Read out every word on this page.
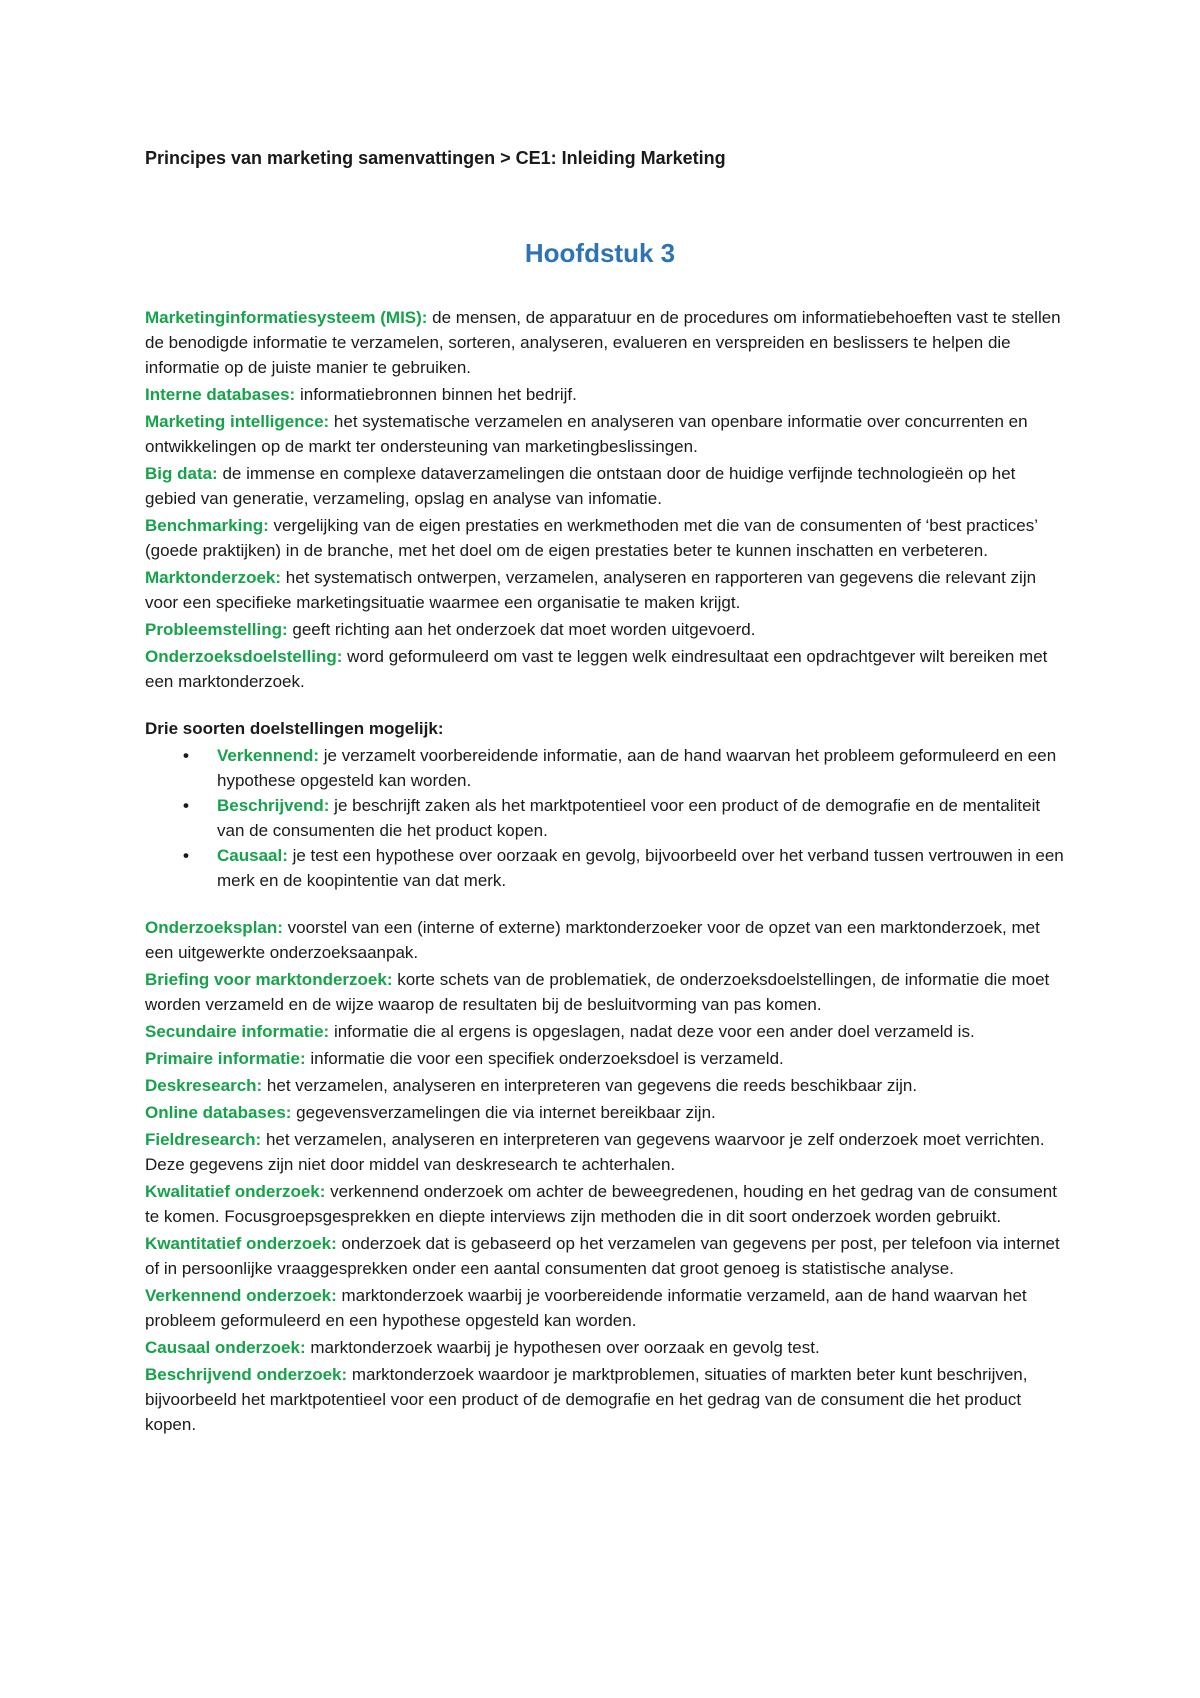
Principes van marketing samenvattingen > CE1: Inleiding Marketing
Hoofdstuk 3

Marketinginformatiesysteem (MIS): de mensen, de apparatuur en de procedures om informatiebehoeften vast te stellen de benodigde informatie te verzamelen, sorteren, analyseren, evalueren en verspreiden en beslissers te helpen die informatie op de juiste manier te gebruiken.

Interne databases: informatiebronnen binnen het bedrijf.

Marketing intelligence: het systematische verzamelen en analyseren van openbare informatie over concurrenten en ontwikkelingen op de markt ter ondersteuning van marketingbeslissingen.

Big data: de immense en complexe dataverzamelingen die ontstaan door de huidige verfijnde technologieën op het gebied van generatie, verzameling, opslag en analyse van infomatie.

Benchmarking: vergelijking van de eigen prestaties en werkmethoden met die van de consumenten of ‘best practices’ (goede praktijken) in de branche, met het doel om de eigen prestaties beter te kunnen inschatten en verbeteren.

Marktonderzoek: het systematisch ontwerpen, verzamelen, analyseren en rapporteren van gegevens die relevant zijn voor een specifieke marketingsituatie waarmee een organisatie te maken krijgt.

Probleemstelling: geeft richting aan het onderzoek dat moet worden uitgevoerd.

Onderzoeksdoelstelling: word geformuleerd om vast te leggen welk eindresultaat een opdrachtgever wilt bereiken met een marktonderzoek.

Drie soorten doelstellingen mogelijk:

• Verkennend: je verzamelt voorbereidende informatie, aan de hand waarvan het probleem geformuleerd en een hypothese opgesteld kan worden.
• Beschrijvend: je beschrijft zaken als het marktpotentieel voor een product of de demografie en de mentaliteit van de consumenten die het product kopen.
• Causaal: je test een hypothese over oorzaak en gevolg, bijvoorbeeld over het verband tussen vertrouwen in een merk en de koopintentie van dat merk.

Onderzoeksplan: voorstel van een (interne of externe) marktonderzoeker voor de opzet van een marktonderzoek, met een uitgewerkte onderzoeksaanpak.

Briefing voor marktonderzoek: korte schets van de problematiek, de onderzoeksdoelstellingen, de informatie die moet worden verzameld en de wijze waarop de resultaten bij de besluitvorming van pas komen.

Secundaire informatie: informatie die al ergens is opgeslagen, nadat deze voor een ander doel verzameld is.

Primaire informatie: informatie die voor een specifiek onderzoeksdoel is verzameld.

Deskresearch: het verzamelen, analyseren en interpreteren van gegevens die reeds beschikbaar zijn.

Online databases: gegevensverzamelingen die via internet bereikbaar zijn.

Fieldresearch: het verzamelen, analyseren en interpreteren van gegevens waarvoor je zelf onderzoek moet verrichten. Deze gegevens zijn niet door middel van deskresearch te achterhalen.

Kwalitatief onderzoek: verkennend onderzoek om achter de beweegredenen, houding en het gedrag van de consument te komen. Focusgroepsgesprekken en diepte interviews zijn methoden die in dit soort onderzoek worden gebruikt.

Kwantitatief onderzoek: onderzoek dat is gebaseerd op het verzamelen van gegevens per post, per telefoon via internet of in persoonlijke vraaggesprekken onder een aantal consumenten dat groot genoeg is statistische analyse.

Verkennend onderzoek: marktonderzoek waarbij je voorbereidende informatie verzameld, aan de hand waarvan het probleem geformuleerd en een hypothese opgesteld kan worden.

Causaal onderzoek: marktonderzoek waarbij je hypothesen over oorzaak en gevolg test.

Beschrijvend onderzoek: marktonderzoek waardoor je marktproblemen, situaties of markten beter kunt beschrijven, bijvoorbeeld het marktpotentieel voor een product of de demografie en het gedrag van de consument die het product kopen.
